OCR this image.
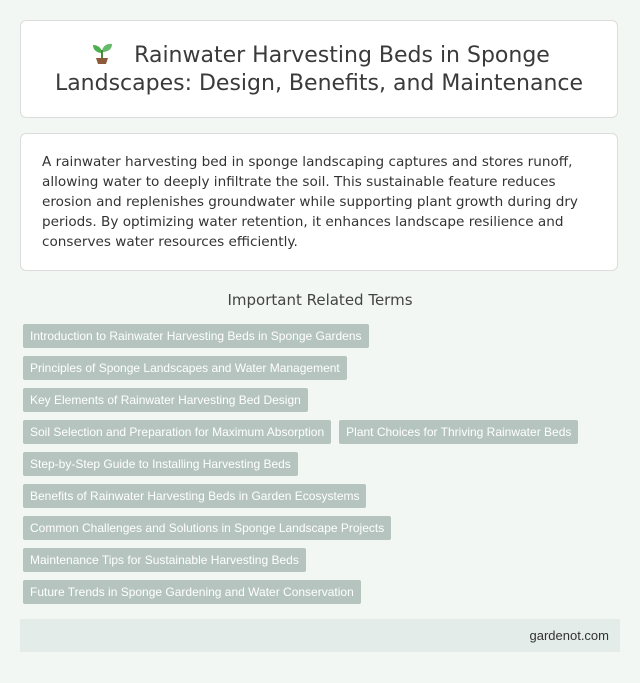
Rainwater Harvesting Beds in Sponge Landscapes: Design, Benefits, and Maintenance

A rainwater harvesting bed in sponge landscaping captures and stores runoff, allowing water to deeply infiltrate the soil. This sustainable feature reduces erosion and replenishes groundwater while supporting plant growth during dry periods. By optimizing water retention, it enhances landscape resilience and conserves water resources efficiently.

Important Related Terms
Introduction to Rainwater Harvesting Beds in Sponge Gardens
Principles of Sponge Landscapes and Water Management
Key Elements of Rainwater Harvesting Bed Design
Soil Selection and Preparation for Maximum Absorption	Plant Choices for Thriving Rainwater Beds
Step-by-Step Guide to Installing Harvesting Beds
Benefits of Rainwater Harvesting Beds in Garden Ecosystems
Common Challenges and Solutions in Sponge Landscape Projects
Maintenance Tips for Sustainable Harvesting Beds
Future Trends in Sponge Gardening and Water Conservation
gardenot.com
